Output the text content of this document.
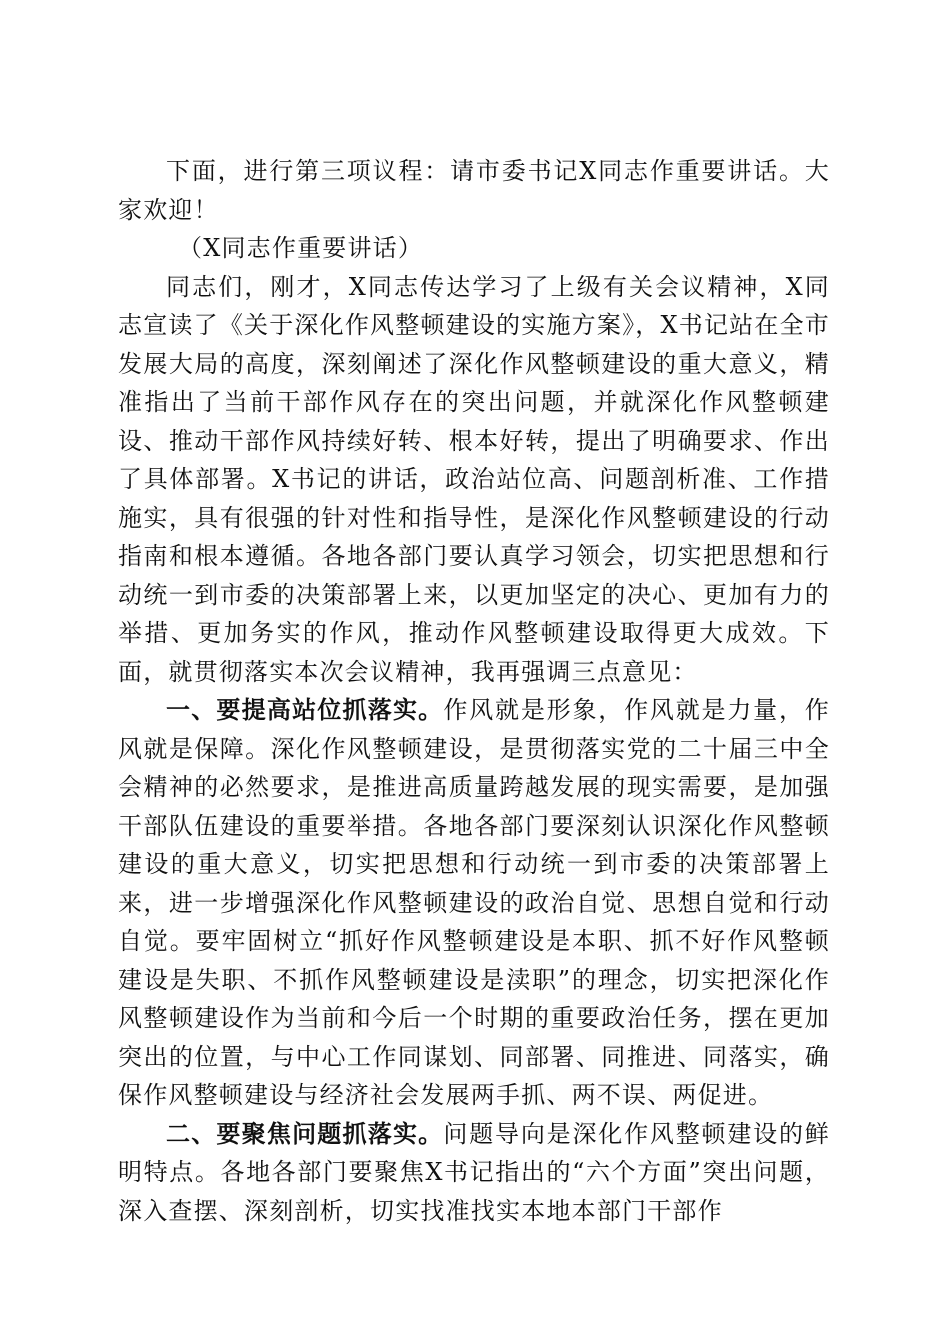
下面，进行第三项议程：请市委书记X同志作重要讲话。大家欢迎！

（X同志作重要讲话）

同志们，刚才，X同志传达学习了上级有关会议精神，X同志宣读了《关于深化作风整顿建设的实施方案》，X书记站在全市发展大局的高度，深刻阐述了深化作风整顿建设的重大意义，精准指出了当前干部作风存在的突出问题，并就深化作风整顿建设、推动干部作风持续好转、根本好转，提出了明确要求、作出了具体部署。X书记的讲话，政治站位高、问题剖析准、工作措施实，具有很强的针对性和指导性，是深化作风整顿建设的行动指南和根本遵循。各地各部门要认真学习领会，切实把思想和行动统一到市委的决策部署上来，以更加坚定的决心、更加有力的举措、更加务实的作风，推动作风整顿建设取得更大成效。下面，就贯彻落实本次会议精神，我再强调三点意见：

一、要提高站位抓落实。作风就是形象，作风就是力量，作风就是保障。深化作风整顿建设，是贯彻落实党的二十届三中全会精神的必然要求，是推进高质量跨越发展的现实需要，是加强干部队伍建设的重要举措。各地各部门要深刻认识深化作风整顿建设的重大意义，切实把思想和行动统一到市委的决策部署上来，进一步增强深化作风整顿建设的政治自觉、思想自觉和行动自觉。要牢固树立“抓好作风整顿建设是本职、抓不好作风整顿建设是失职、不抓作风整顿建设是渎职”的理念，切实把深化作风整顿建设作为当前和今后一个时期的重要政治任务，摆在更加突出的位置，与中心工作同谋划、同部署、同推进、同落实，确保作风整顿建设与经济社会发展两手抓、两不误、两促进。

二、要聚焦问题抓落实。问题导向是深化作风整顿建设的鲜明特点。各地各部门要聚焦X书记指出的“六个方面”突出问题，深入查摆、深刻剖析，切实找准找实本地本部门干部作
